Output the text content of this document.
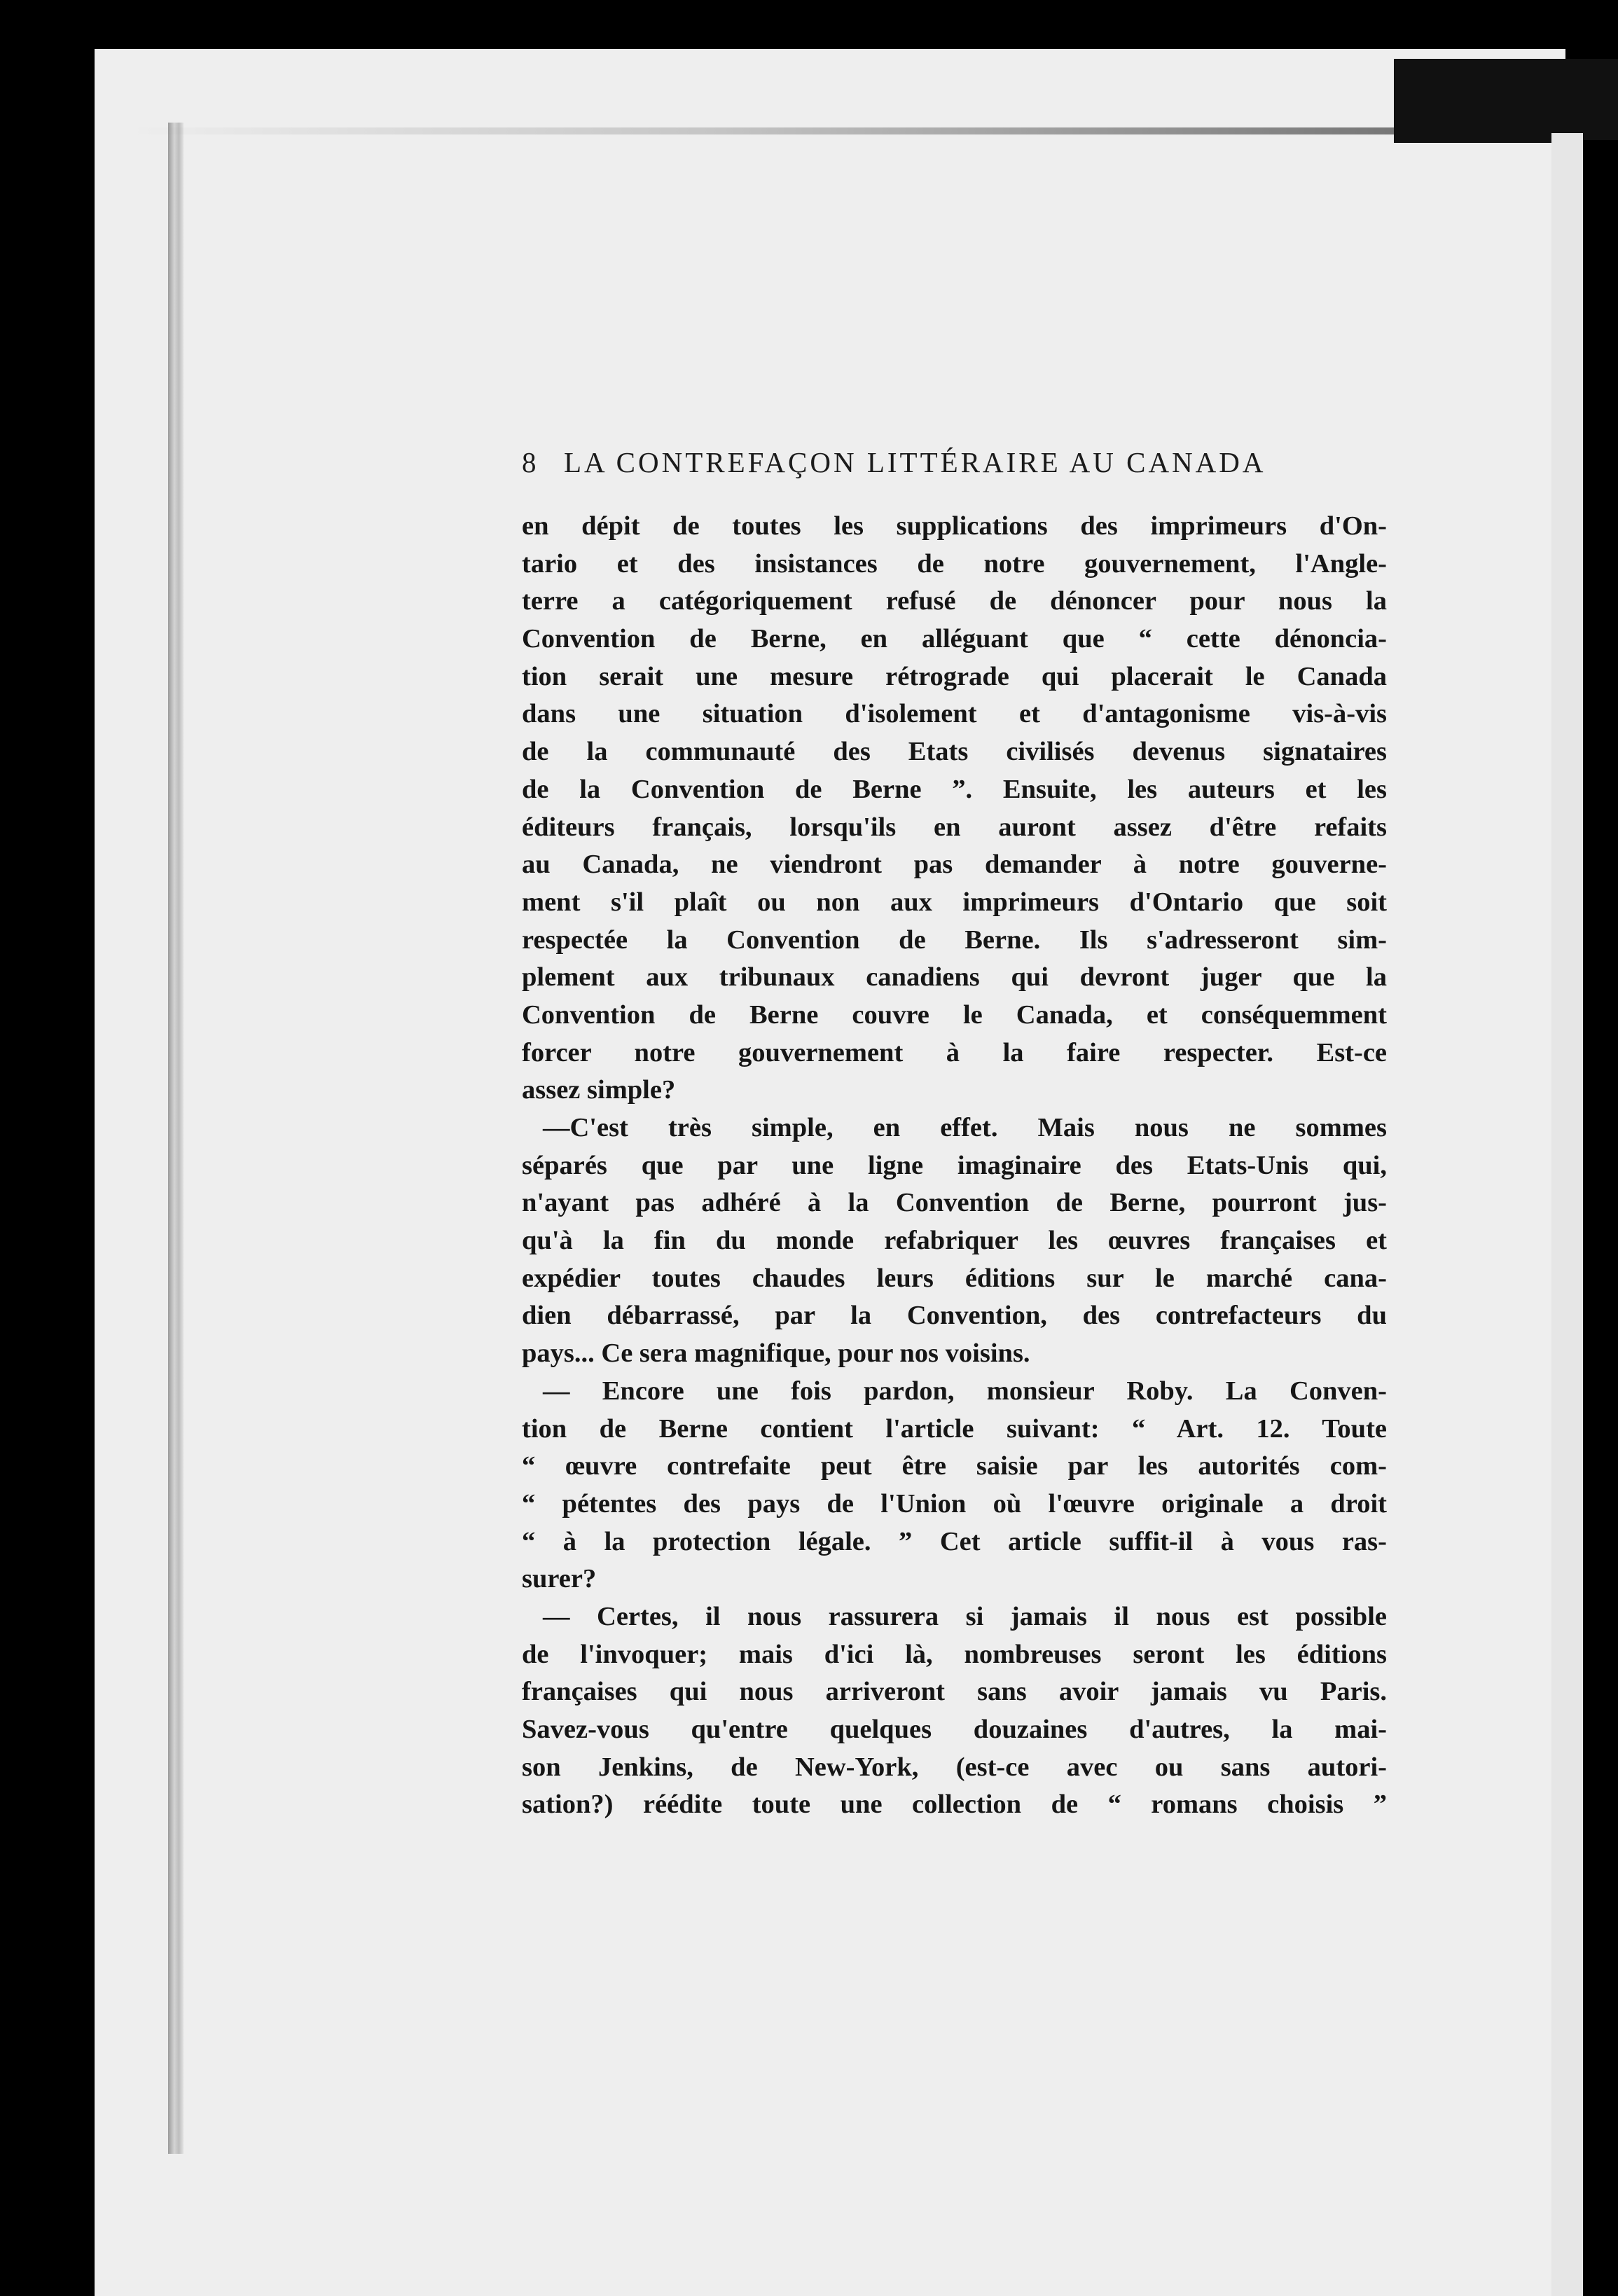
8 LA CONTREFAÇON LITTÉRAIRE AU CANADA
en dépit de toutes les supplications des imprimeurs d'On-
tario et des insistances de notre gouvernement, l'Angle-
terre a catégoriquement refusé de dénoncer pour nous la
Convention de Berne, en alléguant que “ cette dénoncia-
tion serait une mesure rétrograde qui placerait le Canada
dans une situation d'isolement et d'antagonisme vis-à-vis
de la communauté des Etats civilisés devenus signataires
de la Convention de Berne ”. Ensuite, les auteurs et les
éditeurs français, lorsqu'ils en auront assez d'être refaits
au Canada, ne viendront pas demander à notre gouverne-
ment s'il plaît ou non aux imprimeurs d'Ontario que soit
respectée la Convention de Berne. Ils s'adresseront sim-
plement aux tribunaux canadiens qui devront juger que la
Convention de Berne couvre le Canada, et conséquemment
forcer notre gouvernement à la faire respecter. Est-ce
assez simple?
—C'est très simple, en effet. Mais nous ne sommes
séparés que par une ligne imaginaire des Etats-Unis qui,
n'ayant pas adhéré à la Convention de Berne, pourront jus-
qu'à la fin du monde refabriquer les œuvres françaises et
expédier toutes chaudes leurs éditions sur le marché cana-
dien débarrassé, par la Convention, des contrefacteurs du
pays... Ce sera magnifique, pour nos voisins.
— Encore une fois pardon, monsieur Roby. La Conven-
tion de Berne contient l'article suivant: “ Art. 12. Toute
“ œuvre contrefaite peut être saisie par les autorités com-
“ pétentes des pays de l'Union où l'œuvre originale a droit
“ à la protection légale. ” Cet article suffit-il à vous ras-
surer?
— Certes, il nous rassurera si jamais il nous est possible
de l'invoquer; mais d'ici là, nombreuses seront les éditions
françaises qui nous arriveront sans avoir jamais vu Paris.
Savez-vous qu'entre quelques douzaines d'autres, la mai-
son Jenkins, de New-York, (est-ce avec ou sans autori-
sation?) réédite toute une collection de “ romans choisis ”
